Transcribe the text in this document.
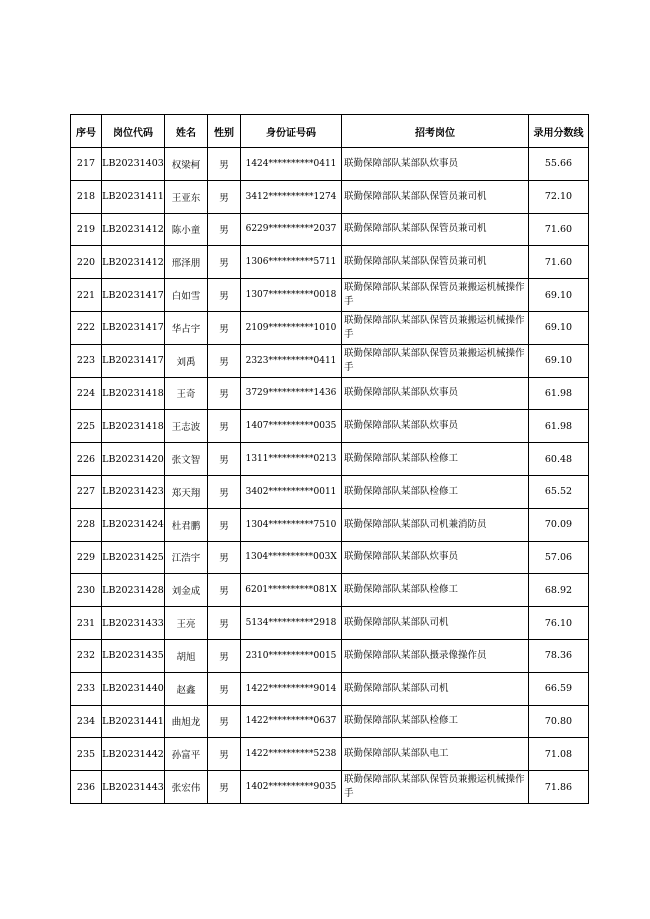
序号	岗位代码	姓名	性别	身份证号码	招考岗位	录用分数线
217	LB20231403	权梁柯	男	1424**********0411	联勤保障部队某部队炊事员	55.66
218	LB20231411	王亚东	男	3412**********1274	联勤保障部队某部队保管员兼司机	72.10
219	LB20231412	陈小童	男	6229**********2037	联勤保障部队某部队保管员兼司机	71.60
220	LB20231412	邢泽朋	男	1306**********5711	联勤保障部队某部队保管员兼司机	71.60
221	LB20231417	白如雪	男	1307**********0018	联勤保障部队某部队保管员兼搬运机械操作手	69.10
222	LB20231417	华占宇	男	2109**********1010	联勤保障部队某部队保管员兼搬运机械操作手	69.10
223	LB20231417	刘禹	男	2323**********0411	联勤保障部队某部队保管员兼搬运机械操作手	69.10
224	LB20231418	王奇	男	3729**********1436	联勤保障部队某部队炊事员	61.98
225	LB20231418	王志波	男	1407**********0035	联勤保障部队某部队炊事员	61.98
226	LB20231420	张文智	男	1311**********0213	联勤保障部队某部队检修工	60.48
227	LB20231423	郑天翔	男	3402**********0011	联勤保障部队某部队检修工	65.52
228	LB20231424	杜君鹏	男	1304**********7510	联勤保障部队某部队司机兼消防员	70.09
229	LB20231425	江浩宇	男	1304**********003X	联勤保障部队某部队炊事员	57.06
230	LB20231428	刘金成	男	6201**********081X	联勤保障部队某部队检修工	68.92
231	LB20231433	王亮	男	5134**********2918	联勤保障部队某部队司机	76.10
232	LB20231435	胡旭	男	2310**********0015	联勤保障部队某部队摄录像操作员	78.36
233	LB20231440	赵鑫	男	1422**********9014	联勤保障部队某部队司机	66.59
234	LB20231441	曲旭龙	男	1422**********0637	联勤保障部队某部队检修工	70.80
235	LB20231442	孙富平	男	1422**********5238	联勤保障部队某部队电工	71.08
236	LB20231443	张宏伟	男	1402**********9035	联勤保障部队某部队保管员兼搬运机械操作手	71.86
